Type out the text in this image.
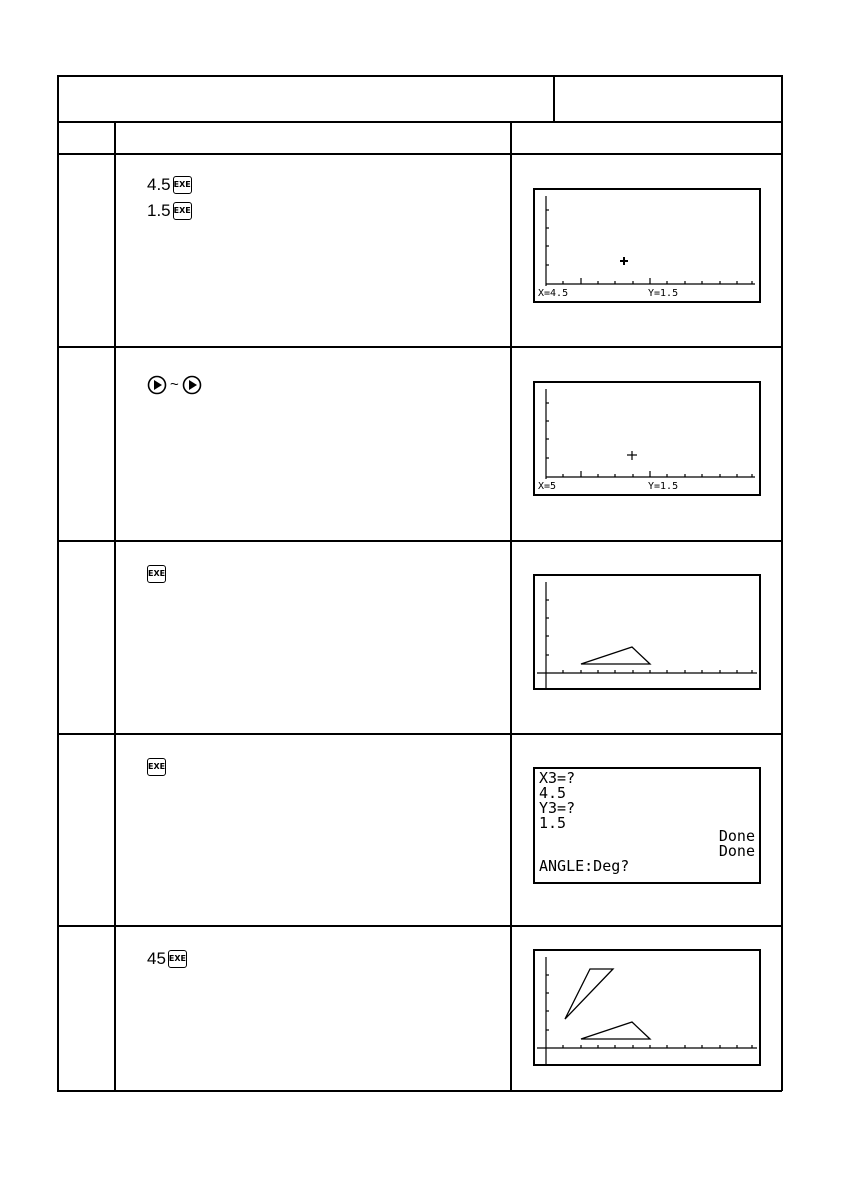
4.5 EXE
1.5 EXE
X=4.5	Y=1.5
~
X=5	Y=1.5
EXE
EXE
X3=?
4.5
Y3=?
1.5
Done
Done
ANGLE:Deg?
45 EXE
